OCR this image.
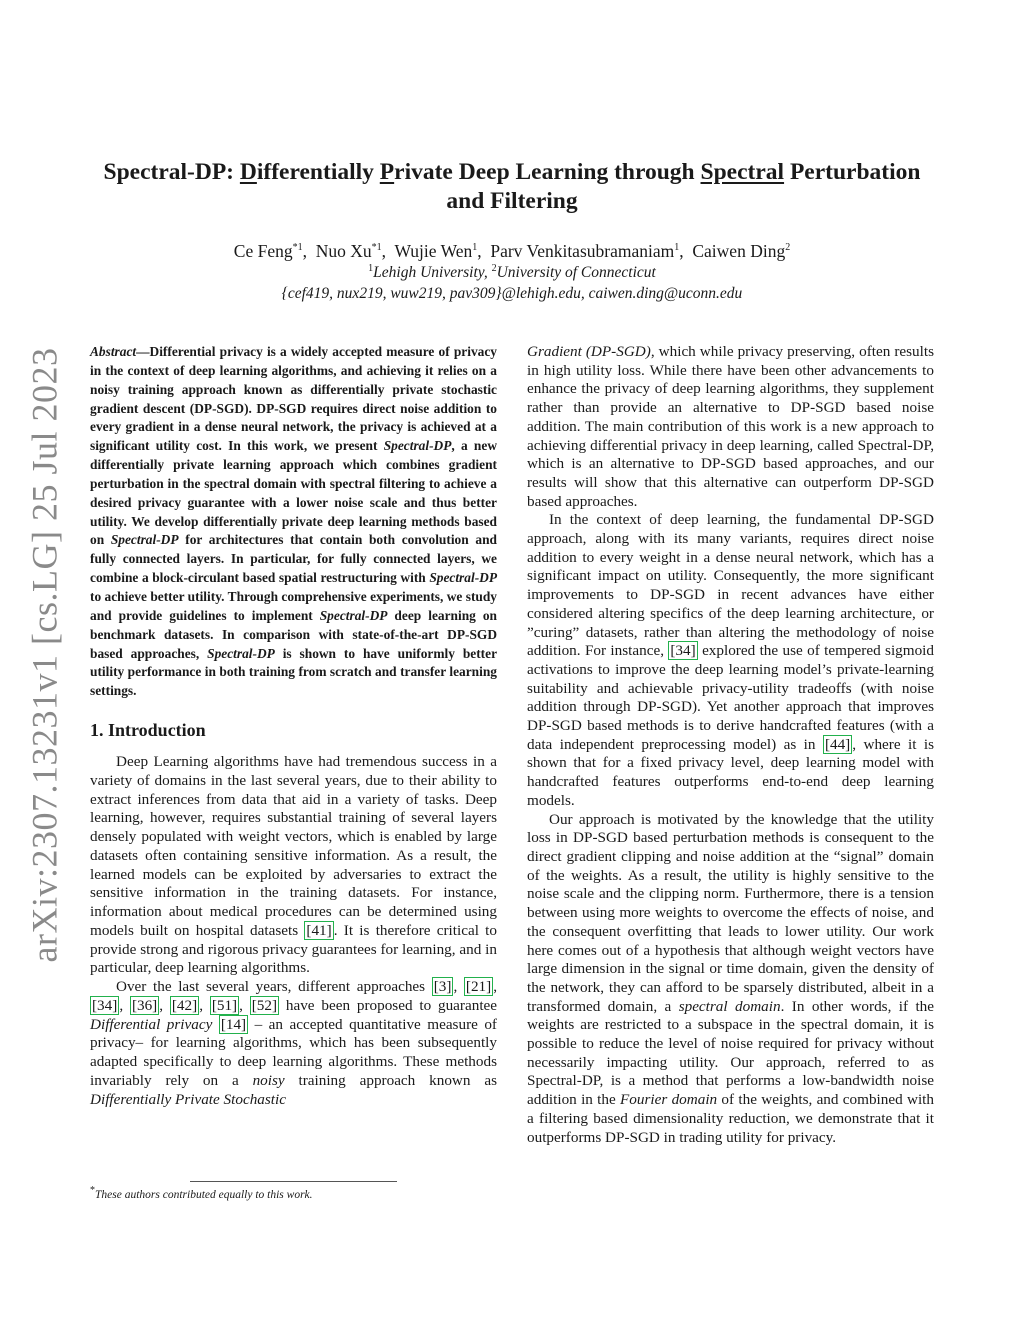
arXiv:2307.13231v1 [cs.LG] 25 Jul 2023
Spectral-DP: Differentially Private Deep Learning through Spectral Perturbation
and Filtering
Ce Feng$^{*1}$,  Nuo Xu$^{*1}$,  Wujie Wen$^1$,  Parv Venkitasubramaniam$^1$,  Caiwen Ding$^2$
$^1$Lehigh University, $^2$University of Connecticut
{cef419, nux219, wuw219, pav309}@lehigh.edu, caiwen.ding@uconn.edu

Abstract—Differential privacy is a widely accepted measure of privacy in the context of deep learning algorithms, and achieving it relies on a noisy training approach known as differentially private stochastic gradient descent (DP-SGD). DP-SGD requires direct noise addition to every gradient in a dense neural network, the privacy is achieved at a significant utility cost. In this work, we present Spectral-DP, a new differentially private learning approach which combines gradient perturbation in the spectral domain with spectral filtering to achieve a desired privacy guarantee with a lower noise scale and thus better utility. We develop differentially private deep learning methods based on Spectral-DP for architectures that contain both convolution and fully connected layers. In particular, for fully connected layers, we combine a block-circulant based spatial restructuring with Spectral-DP to achieve better utility. Through comprehensive experiments, we study and provide guidelines to implement Spectral-DP deep learning on benchmark datasets. In comparison with state-of-the-art DP-SGD based approaches, Spectral-DP is shown to have uniformly better utility performance in both training from scratch and transfer learning settings.

1. Introduction

Deep Learning algorithms have had tremendous success in a variety of domains in the last several years, due to their ability to extract inferences from data that aid in a variety of tasks. Deep learning, however, requires substantial training of several layers densely populated with weight vectors, which is enabled by large datasets often containing sensitive information. As a result, the learned models can be exploited by adversaries to extract the sensitive information in the training datasets. For instance, information about medical procedures can be determined using models built on hospital datasets [41] . It is therefore critical to provide strong and rigorous privacy guarantees for learning, and in particular, deep learning algorithms.

Over the last several years, different approaches [3] , [21] , [34] , [36] , [42] , [51] , [52] have been proposed to guarantee Differential privacy [14] – an accepted quantitative measure of privacy– for learning algorithms, which has been subsequently adapted specifically to deep learning algorithms. These methods invariably rely on a noisy training approach known as Differentially Private Stochastic

Gradient (DP-SGD), which while privacy preserving, often results in high utility loss. While there have been other advancements to enhance the privacy of deep learning algorithms, they supplement rather than provide an alternative to DP-SGD based noise addition. The main contribution of this work is a new approach to achieving differential privacy in deep learning, called Spectral-DP, which is an alternative to DP-SGD based approaches, and our results will show that this alternative can outperform DP-SGD based approaches.

In the context of deep learning, the fundamental DP-SGD approach, along with its many variants, requires direct noise addition to every weight in a dense neural network, which has a significant impact on utility. Consequently, the more significant improvements to DP-SGD in recent advances have either considered altering specifics of the deep learning architecture, or ”curing” datasets, rather than altering the methodology of noise addition. For instance, [34] explored the use of tempered sigmoid activations to improve the deep learning model’s private-learning suitability and achievable privacy-utility tradeoffs (with noise addition through DP-SGD). Yet another approach that improves DP-SGD based methods is to derive handcrafted features (with a data independent preprocessing model) as in [44] , where it is shown that for a fixed privacy level, deep learning model with handcrafted features outperforms end-to-end deep learning models.

Our approach is motivated by the knowledge that the utility loss in DP-SGD based perturbation methods is consequent to the direct gradient clipping and noise addition at the “signal” domain of the weights. As a result, the utility is highly sensitive to the noise scale and the clipping norm. Furthermore, there is a tension between using more weights to overcome the effects of noise, and the consequent overfitting that leads to lower utility. Our work here comes out of a hypothesis that although weight vectors have large dimension in the signal or time domain, given the density of the network, they can afford to be sparsely distributed, albeit in a transformed domain, a spectral domain. In other words, if the weights are restricted to a subspace in the spectral domain, it is possible to reduce the level of noise required for privacy without necessarily impacting utility. Our approach, referred to as Spectral-DP, is a method that performs a low-bandwidth noise addition in the Fourier domain of the weights, and combined with a filtering based dimensionality reduction, we demonstrate that it outperforms DP-SGD in trading utility for privacy.

*These authors contributed equally to this work.
